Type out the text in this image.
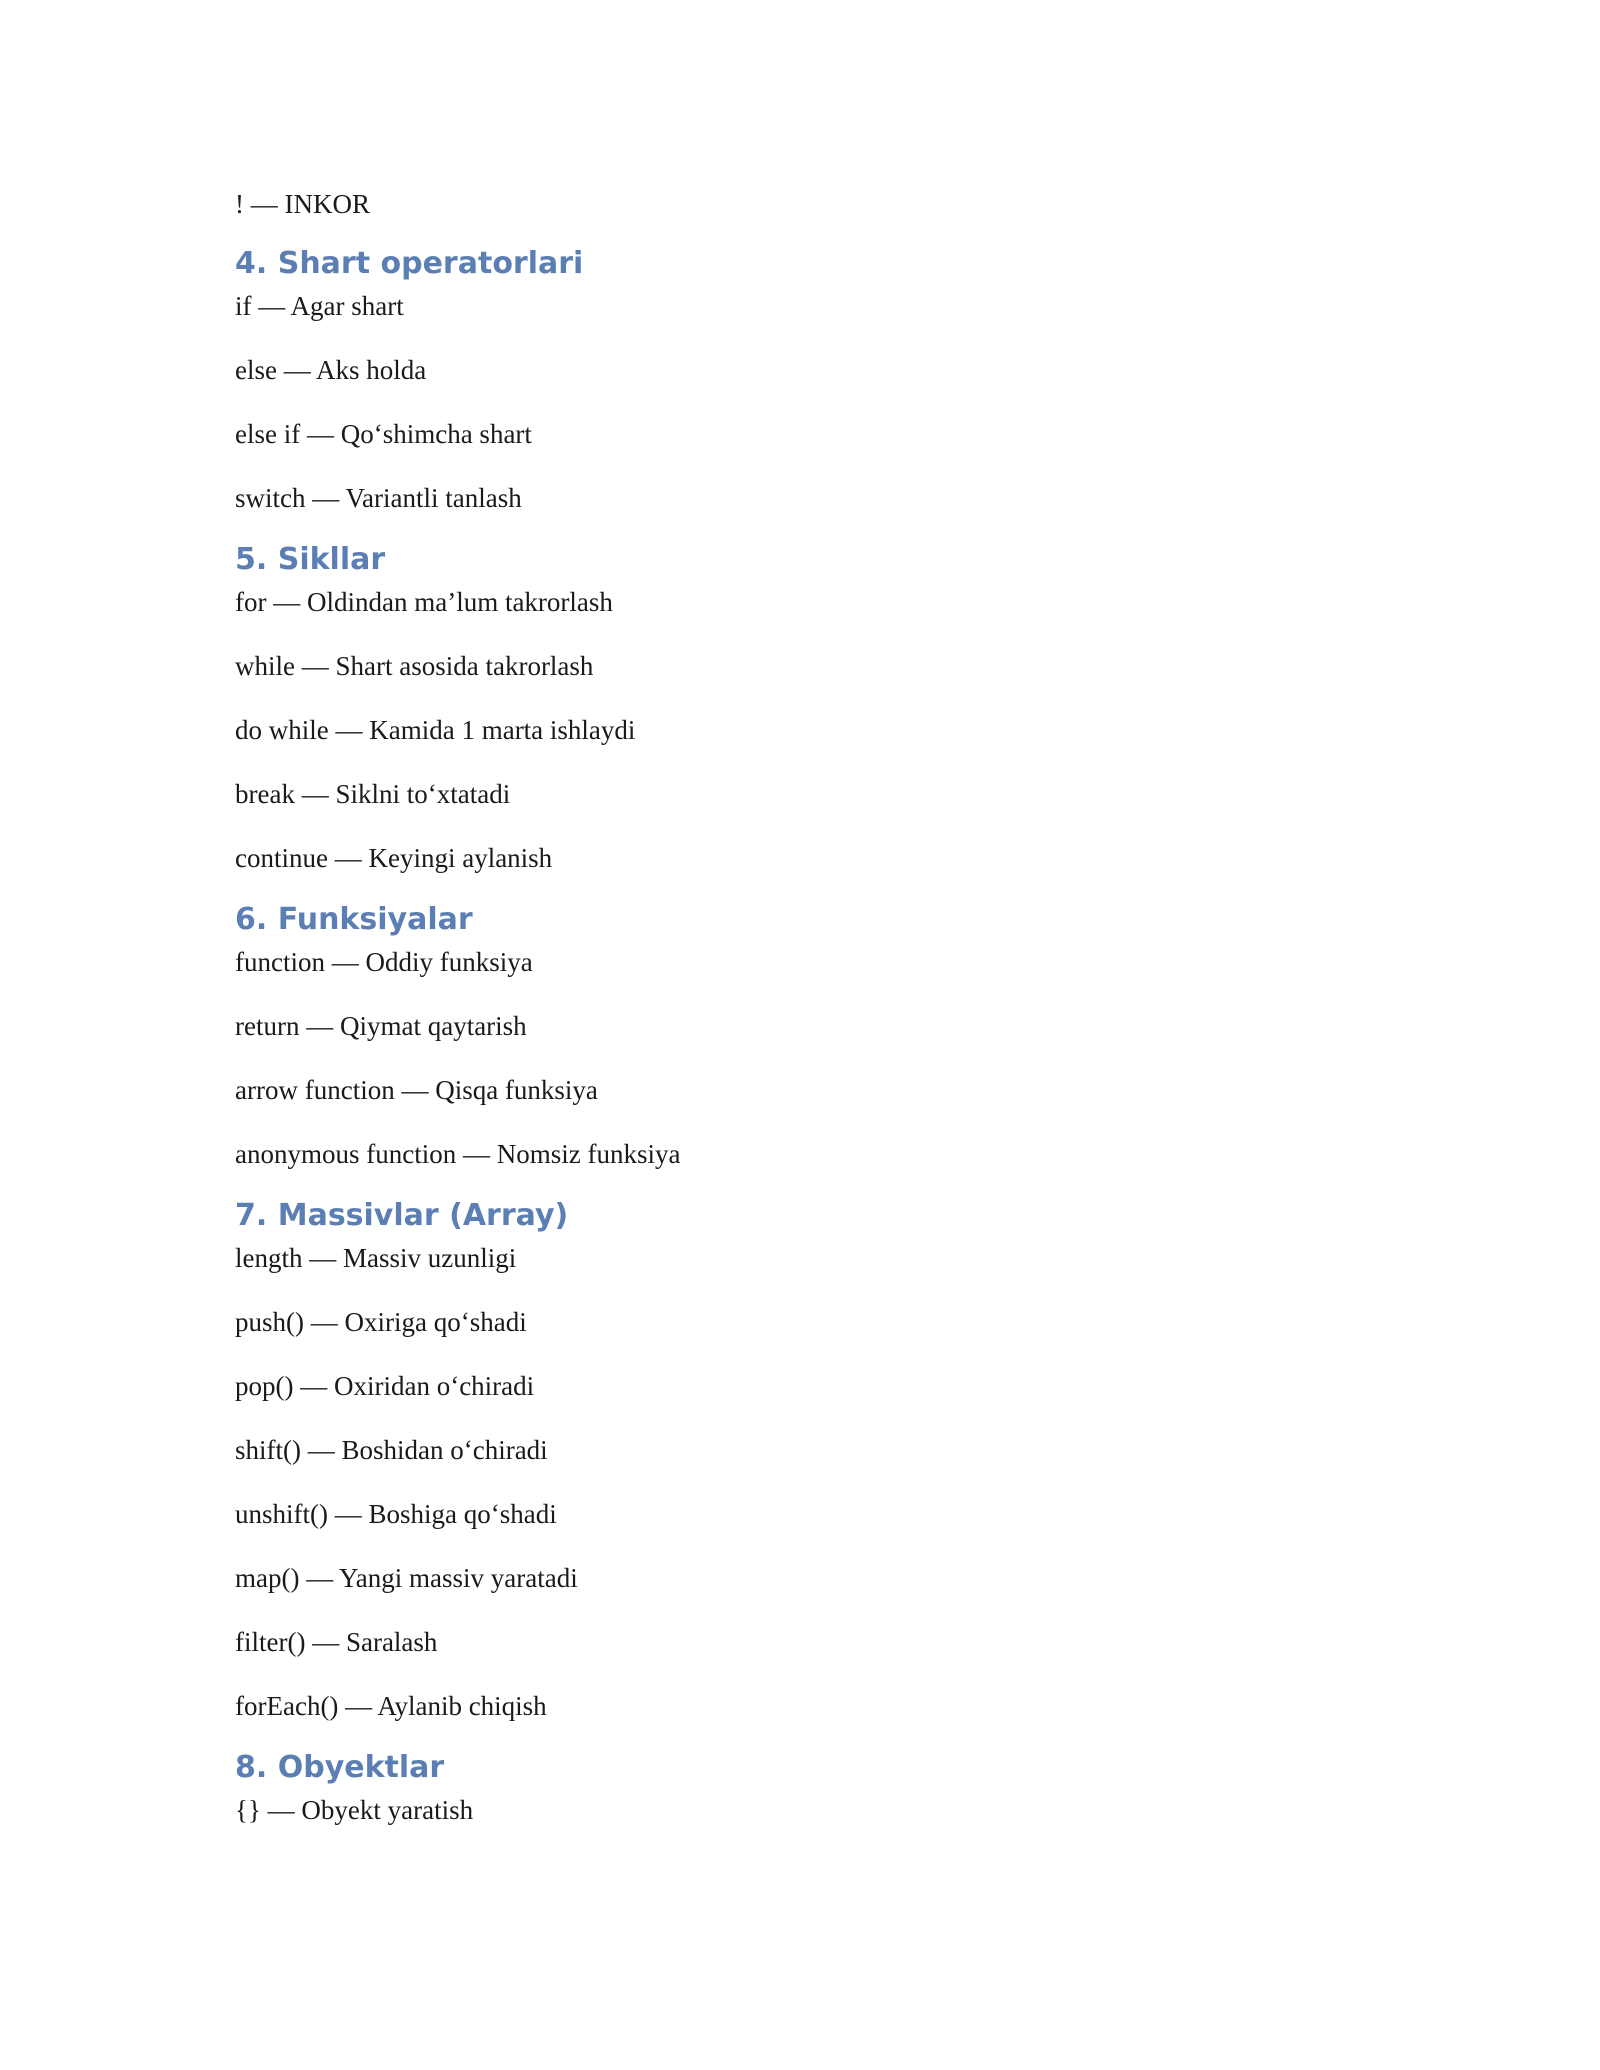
! — INKOR

4. Shart operatorlari

if — Agar shart

else — Aks holda

else if — Qo‘shimcha shart

switch — Variantli tanlash

5. Sikllar

for — Oldindan ma’lum takrorlash

while — Shart asosida takrorlash

do while — Kamida 1 marta ishlaydi

break — Siklni to‘xtatadi

continue — Keyingi aylanish

6. Funksiyalar

function — Oddiy funksiya

return — Qiymat qaytarish

arrow function — Qisqa funksiya

anonymous function — Nomsiz funksiya

7. Massivlar (Array)

length — Massiv uzunligi

push() — Oxiriga qo‘shadi

pop() — Oxiridan o‘chiradi

shift() — Boshidan o‘chiradi

unshift() — Boshiga qo‘shadi

map() — Yangi massiv yaratadi

filter() — Saralash

forEach() — Aylanib chiqish

8. Obyektlar

{} — Obyekt yaratish
